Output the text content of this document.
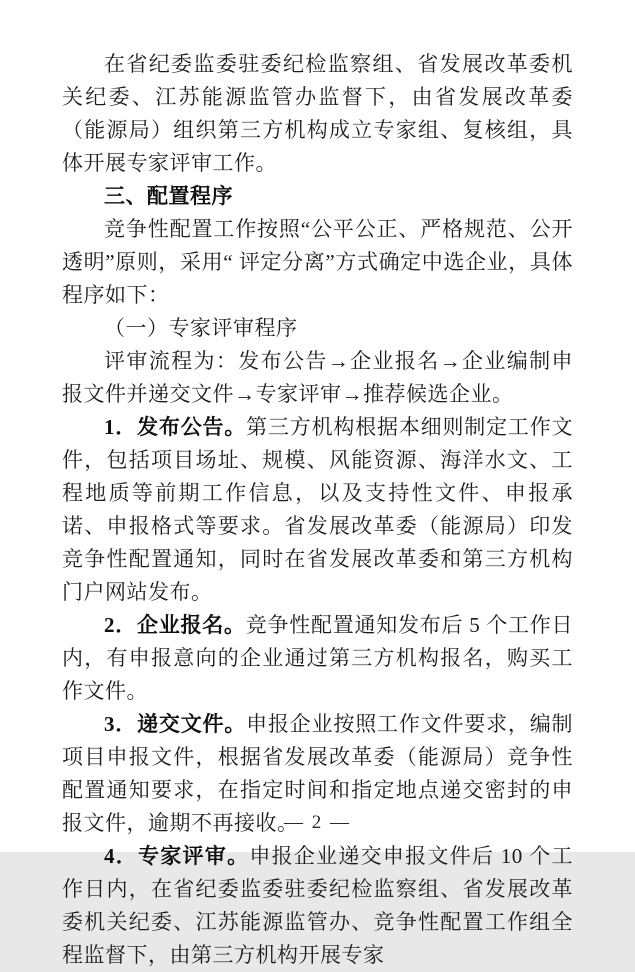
在省纪委监委驻委纪检监察组、省发展改革委机关纪委、江苏能源监管办监督下，由省发展改革委（能源局）组织第三方机构成立专家组、复核组，具体开展专家评审工作。

三、配置程序

竞争性配置工作按照“公平公正、严格规范、公开透明”原则，采用“ 评定分离”方式确定中选企业，具体程序如下：

（一）专家评审程序

评审流程为：发布公告→企业报名→企业编制申报文件并递交文件→专家评审→推荐候选企业。

1．发布公告。第三方机构根据本细则制定工作文件，包括项目场址、规模、风能资源、海洋水文、工程地质等前期工作信息，以及支持性文件、申报承诺、申报格式等要求。省发展改革委（能源局）印发竞争性配置通知，同时在省发展改革委和第三方机构门户网站发布。

2．企业报名。竞争性配置通知发布后 5 个工作日内，有申报意向的企业通过第三方机构报名，购买工作文件。

3．递交文件。申报企业按照工作文件要求，编制项目申报文件，根据省发展改革委（能源局）竞争性配置通知要求，在指定时间和指定地点递交密封的申报文件，逾期不再接收。

4．专家评审。申报企业递交申报文件后 10 个工作日内，在省纪委监委驻委纪检监察组、省发展改革委机关纪委、江苏能源监管办、竞争性配置工作组全程监督下，由第三方机构开展专家

— 2 —
